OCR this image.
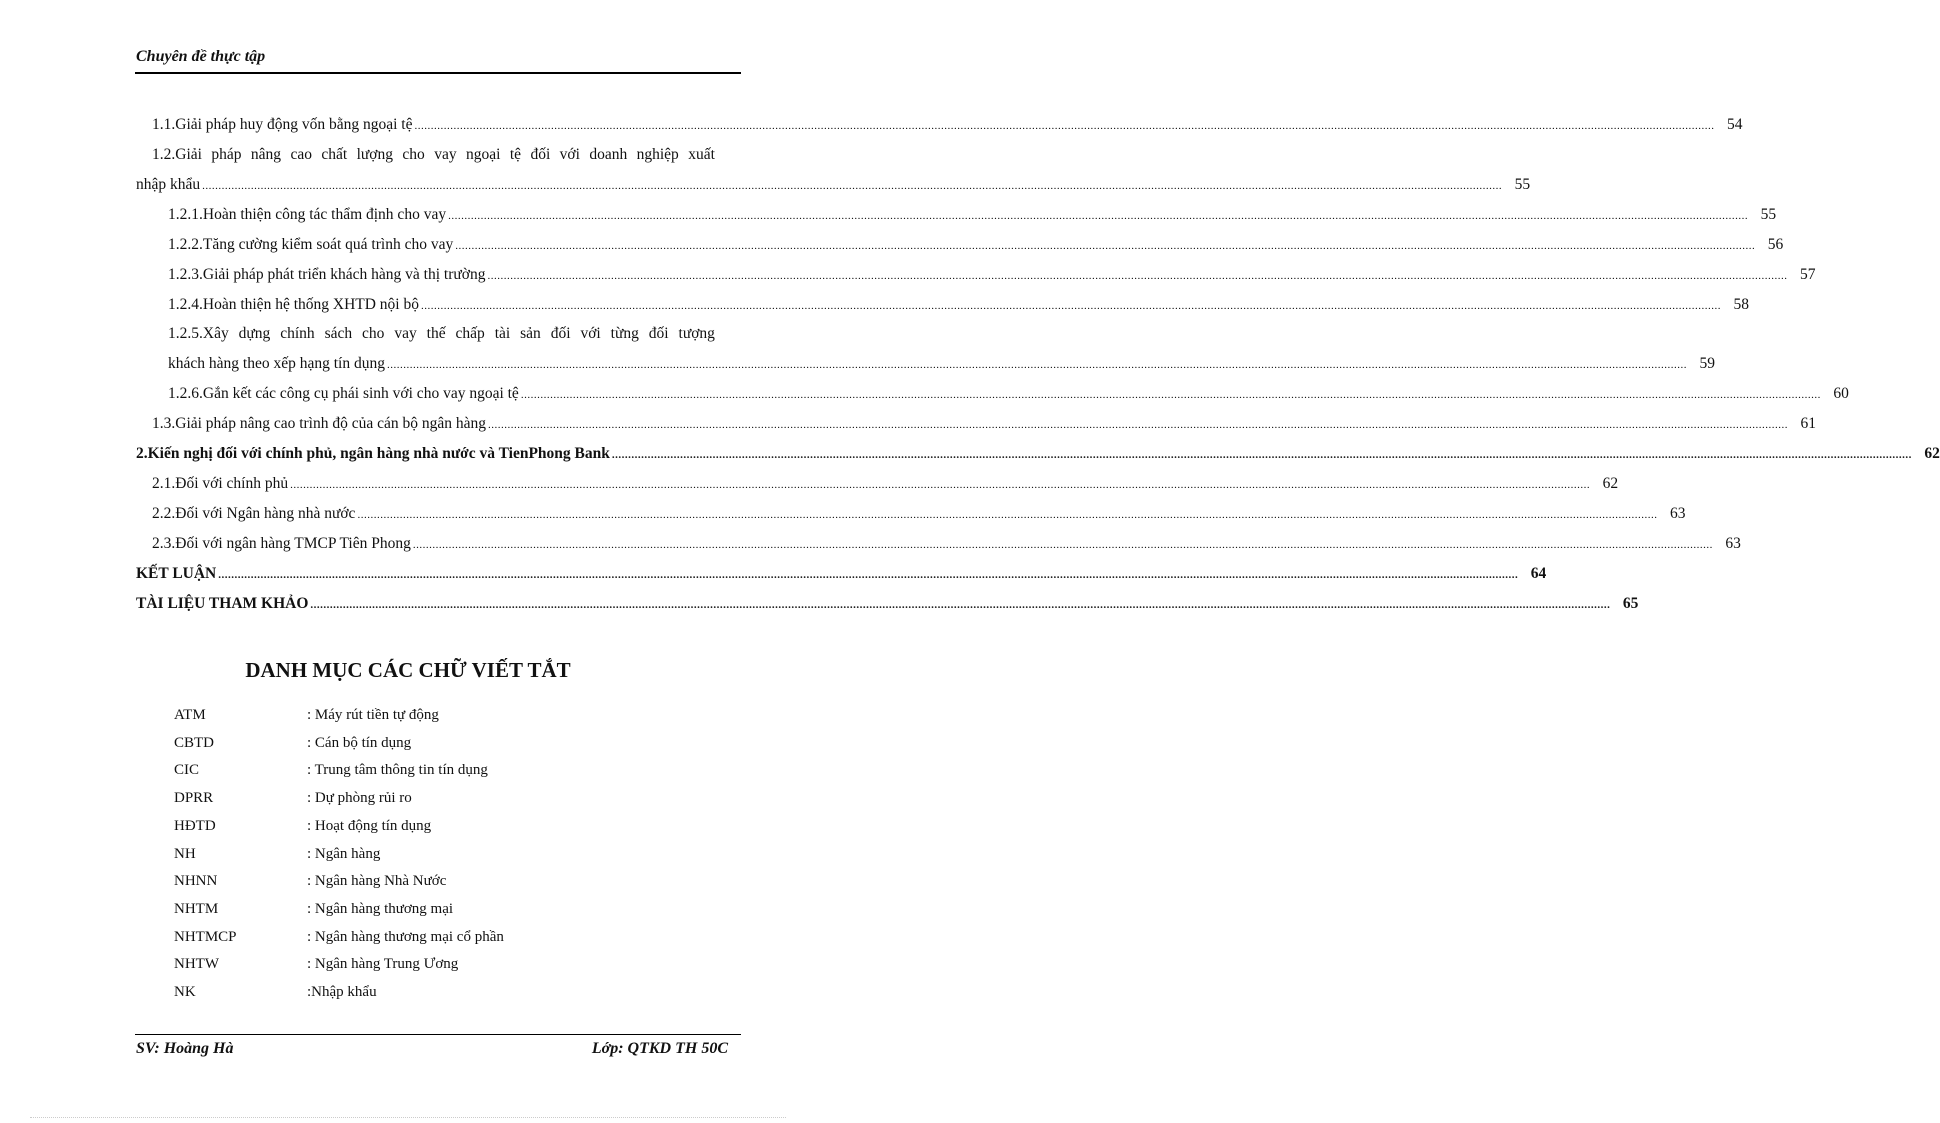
Chuyên đề thực tập
1.1.Giải pháp huy động vốn bằng ngoại tệ ................................................................................................................................................................................................................................................................................................................................................................................................................ 54
1.2.Giải pháp nâng cao chất lượng cho vay ngoại tệ đối với doanh nghiệp xuất
nhập khẩu ................................................................................................................................................................................................................................................................................................................................................................................................................ 55
1.2.1.Hoàn thiện công tác thẩm định cho vay ................................................................................................................................................................................................................................................................................................................................................................................................................ 55
1.2.2.Tăng cường kiểm soát quá trình cho vay ................................................................................................................................................................................................................................................................................................................................................................................................................ 56
1.2.3.Giải pháp phát triển khách hàng và thị trường ................................................................................................................................................................................................................................................................................................................................................................................................................ 57
1.2.4.Hoàn thiện hệ thống XHTD nội bộ ................................................................................................................................................................................................................................................................................................................................................................................................................ 58
1.2.5.Xây dựng chính sách cho vay thế chấp tài sản đối với từng đối tượng
khách hàng theo xếp hạng tín dụng ................................................................................................................................................................................................................................................................................................................................................................................................................ 59
1.2.6.Gắn kết các công cụ phái sinh với cho vay ngoại tệ ................................................................................................................................................................................................................................................................................................................................................................................................................ 60
1.3.Giải pháp nâng cao trình độ của cán bộ ngân hàng ................................................................................................................................................................................................................................................................................................................................................................................................................ 61
2.Kiến nghị đối với chính phủ, ngân hàng nhà nước và TienPhong Bank ................................................................................................................................................................................................................................................................................................................................................................................................................ 62
2.1.Đối với chính phủ ................................................................................................................................................................................................................................................................................................................................................................................................................ 62
2.2.Đối với Ngân hàng nhà nước ................................................................................................................................................................................................................................................................................................................................................................................................................ 63
2.3.Đối với ngân hàng TMCP Tiên Phong ................................................................................................................................................................................................................................................................................................................................................................................................................ 63
KẾT LUẬN ................................................................................................................................................................................................................................................................................................................................................................................................................ 64
TÀI LIỆU THAM KHẢO ................................................................................................................................................................................................................................................................................................................................................................................................................ 65
DANH MỤC CÁC CHỮ VIẾT TẮT
ATM	: Máy rút tiền tự động
CBTD	: Cán bộ tín dụng
CIC	: Trung tâm thông tin tín dụng
DPRR	: Dự phòng rủi ro
HĐTD	: Hoạt động tín dụng
NH	: Ngân hàng
NHNN	: Ngân hàng Nhà Nước
NHTM	: Ngân hàng thương mại
NHTMCP	: Ngân hàng thương mại cổ phần
NHTW	: Ngân hàng Trung Ương
NK	:Nhập khẩu
SV: Hoàng Hà	Lớp: QTKD TH 50C
